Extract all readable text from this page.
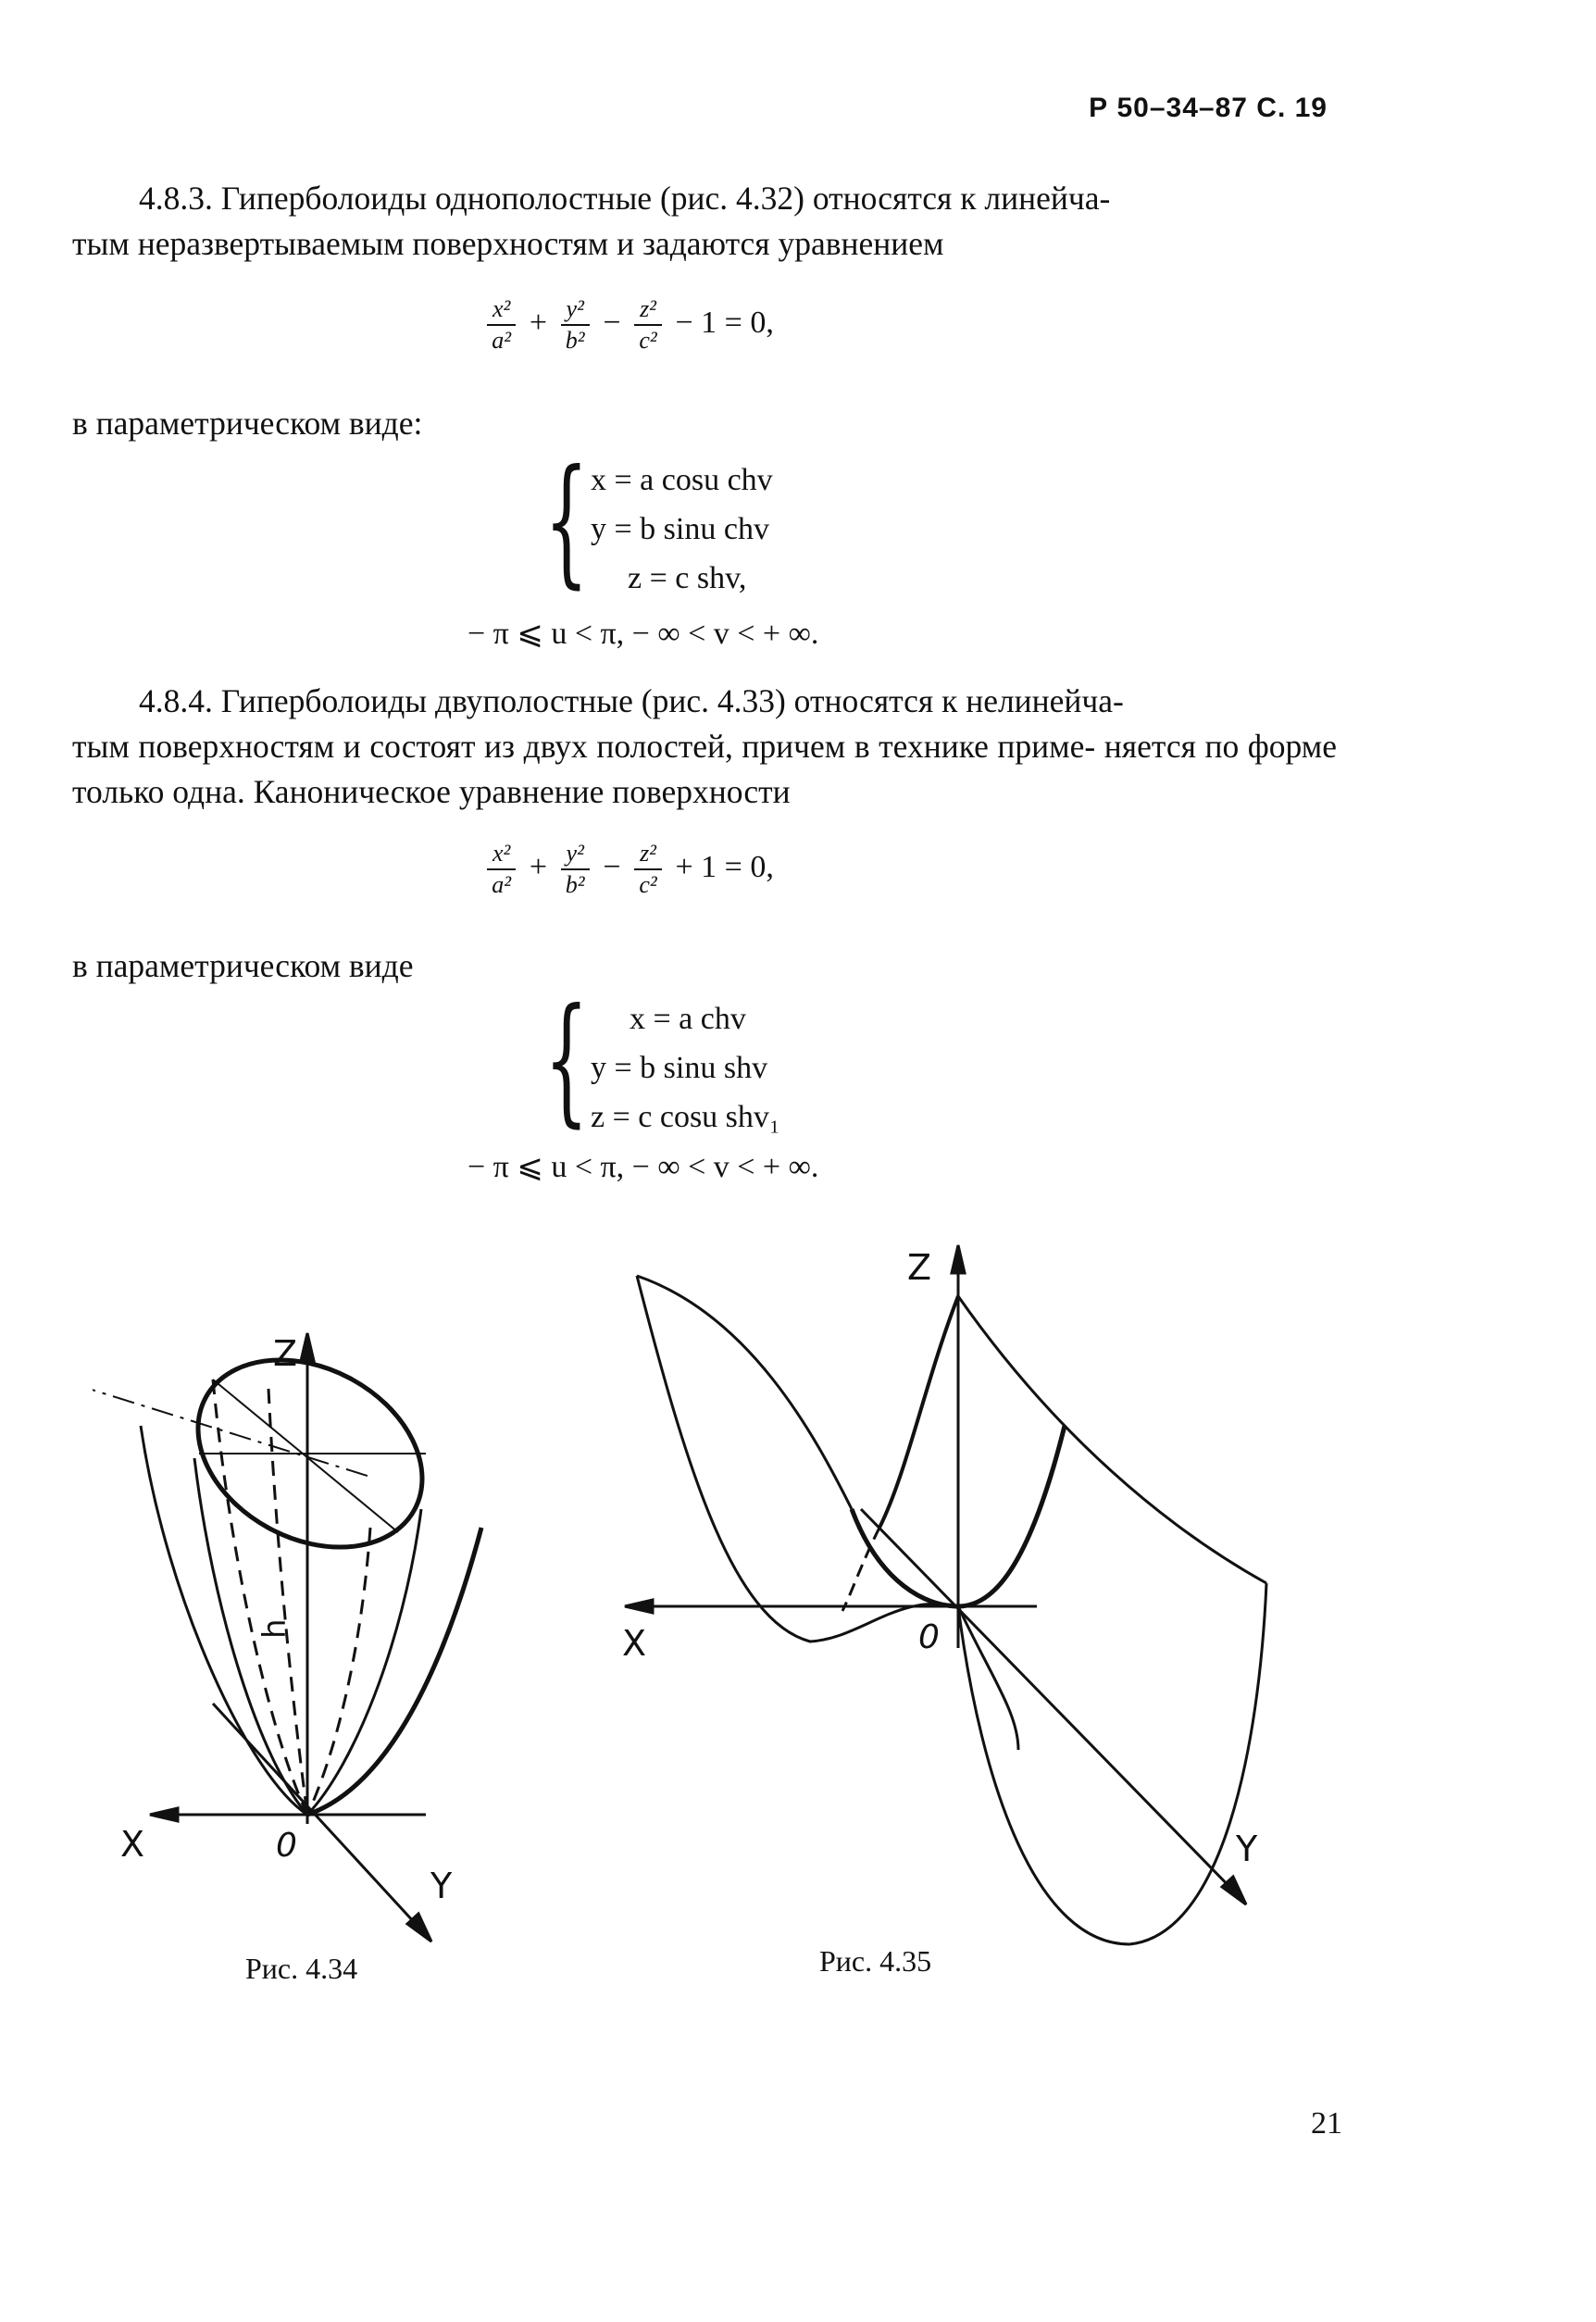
Р 50–34–87 С. 19
4.8.3. Гиперболоиды однополостные (рис. 4.32) относятся к линейча-
тым неразвертываемым поверхностям и задаются уравнением
$\frac{\text{x²}}{\text{a²}} + \frac{\text{y²}}{\text{b²}} - \frac{\text{z²}}{\text{c²}} - 1 = 0$,
в параметрическом виде:
{ x = a cosu chv
y = b sinu chv
z = c shv,
− π ⩽ u < π, − ∞ < v < + ∞.
4.8.4. Гиперболоиды двуполостные (рис. 4.33) относятся к нелинейча-
тым поверхностям и состоят из двух полостей, причем в технике приме- няется по форме только одна. Каноническое уравнение поверхности
$\frac{\text{x²}}{\text{a²}} + \frac{\text{y²}}{\text{b²}} - \frac{\text{z²}}{\text{c²}} + 1 = 0$,
в параметрическом виде
{ x = a chv
y = b sinu shv
z = c cosu shv₁
− π ⩽ u < π, − ∞ < v < + ∞.
Z
X
Y
0
h
Рис. 4.34
Z
X
Y
0
Рис. 4.35
21
